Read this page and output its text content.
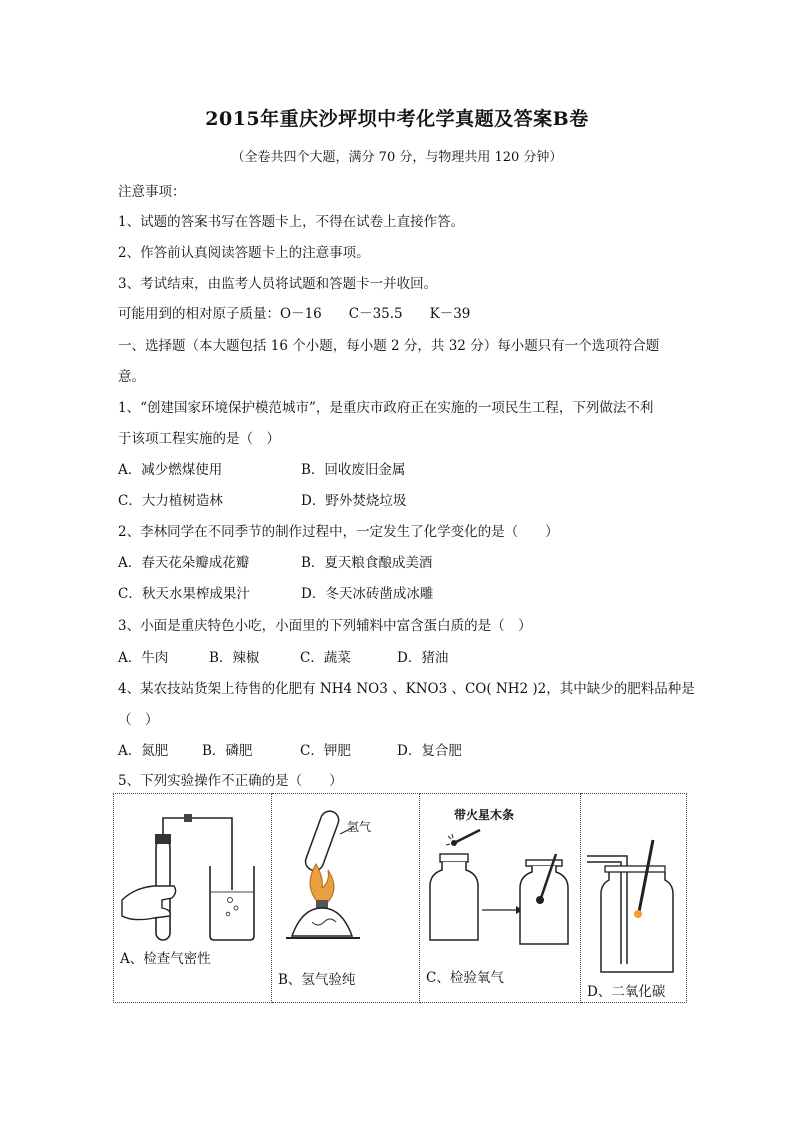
2015年重庆沙坪坝中考化学真题及答案B卷
（全卷共四个大题，满分 70 分，与物理共用 120 分钟）
注意事项：
1、试题的答案书写在答题卡上，不得在试卷上直接作答。
2、作答前认真阅读答题卡上的注意事项。
3、考试结束，由监考人员将试题和答题卡一并收回。
可能用到的相对原子质量：O－16　　C－35.5　　K－39
一、选择题（本大题包括 16 个小题，每小题 2 分，共 32 分）每小题只有一个选项符合题
意。
1、“创建国家环境保护模范城市”，是重庆市政府正在实施的一项民生工程，下列做法不利
于该项工程实施的是（　）
A．减少燃煤使用	B．回收废旧金属
C．大力植树造林	D．野外焚烧垃圾
2、李林同学在不同季节的制作过程中，一定发生了化学变化的是（　　）
A．春天花朵瓣成花瓣	B．夏天粮食酿成美酒
C．秋天水果榨成果汁	D．冬天冰砖凿成冰雕
3、小面是重庆特色小吃，小面里的下列辅料中富含蛋白质的是（　）
A．牛肉	B．辣椒	C．蔬菜	D．猪油
4、某农技站货架上待售的化肥有 NH4 NO3 、KNO3 、CO( NH2 )2，其中缺少的肥料品种是
（　）
A．氮肥	B．磷肥	C．钾肥	D．复合肥
5、下列实验操作不正确的是（　　）
A、检查气密性

氢气
B、氢气验纯

带火星木条
C、检验氧气

D、二氧化碳
